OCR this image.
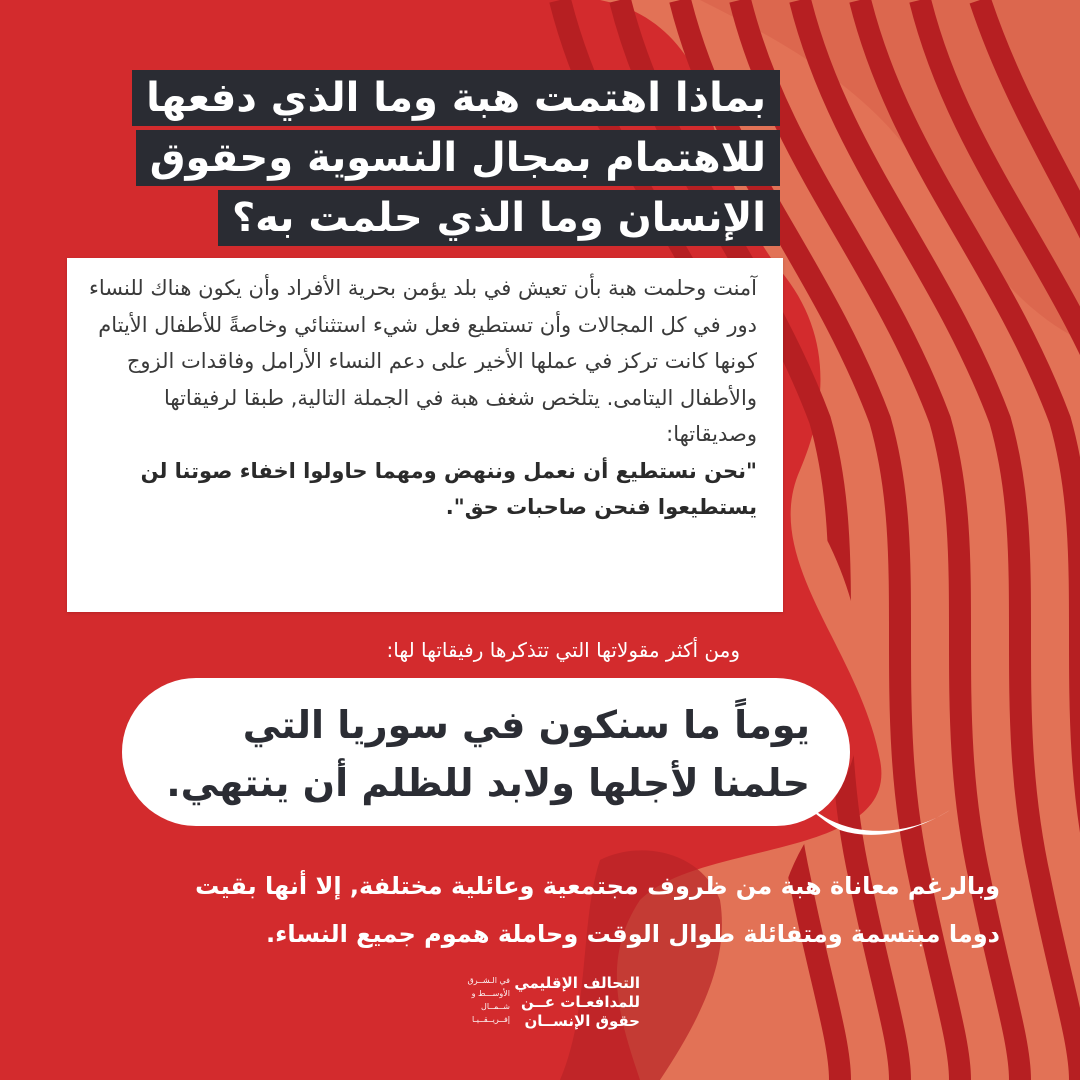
بماذا اهتمت هبة وما الذي دفعها
للاهتمام بمجال النسوية وحقوق
الإنسان وما الذي حلمت به؟

آمنت وحلمت هبة بأن تعيش في بلد يؤمن بحرية الأفراد وأن يكون هناك للنساء دور في كل المجالات وأن تستطيع فعل شيء استثنائي وخاصةً للأطفال الأيتام كونها كانت تركز في عملها الأخير على دعم النساء الأرامل وفاقدات الزوج والأطفال اليتامى. يتلخص شغف هبة في الجملة التالية, طبقا لرفيقاتها وصديقاتها:

"نحن نستطيع أن نعمل وننهض ومهما حاولوا اخفاء صوتنا لن يستطيعوا فنحن صاحبات حق".

ومن أكثر مقولاتها التي تتذكرها رفيقاتها لها:
يوماً ما سنكون في سوريا التي
حلمنا لأجلها ولابد للظلم أن ينتهي.
وبالرغم معاناة هبة من ظروف مجتمعية وعائلية مختلفة, إلا أنها بقيت
دوما مبتسمة ومتفائلة طوال الوقت وحاملة هموم جميع النساء.
التحالف الإقليمي
للمدافعـات عــن
حقوق الإنســان
في الـشــرق
الأوســـط و
شــمــال
إفــريــقــيـا
